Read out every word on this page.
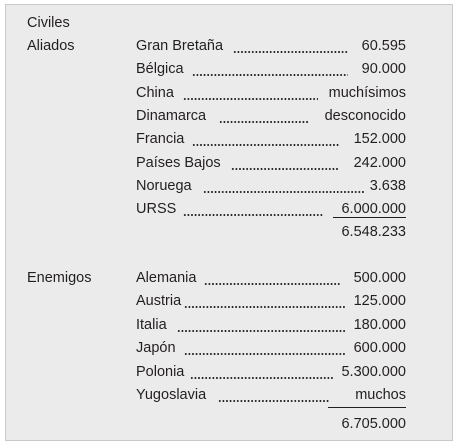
Civiles
Aliados	Gran Bretaña	60.595
Bélgica	90.000
China	muchísimos
Dinamarca	desconocido
Francia	152.000
Países Bajos	242.000
Noruega	3.638
URSS	6.000.000
6.548.233
Enemigos	Alemania	500.000
Austria	125.000
Italia	180.000
Japón	600.000
Polonia	5.300.000
Yugoslavia	muchos
6.705.000
